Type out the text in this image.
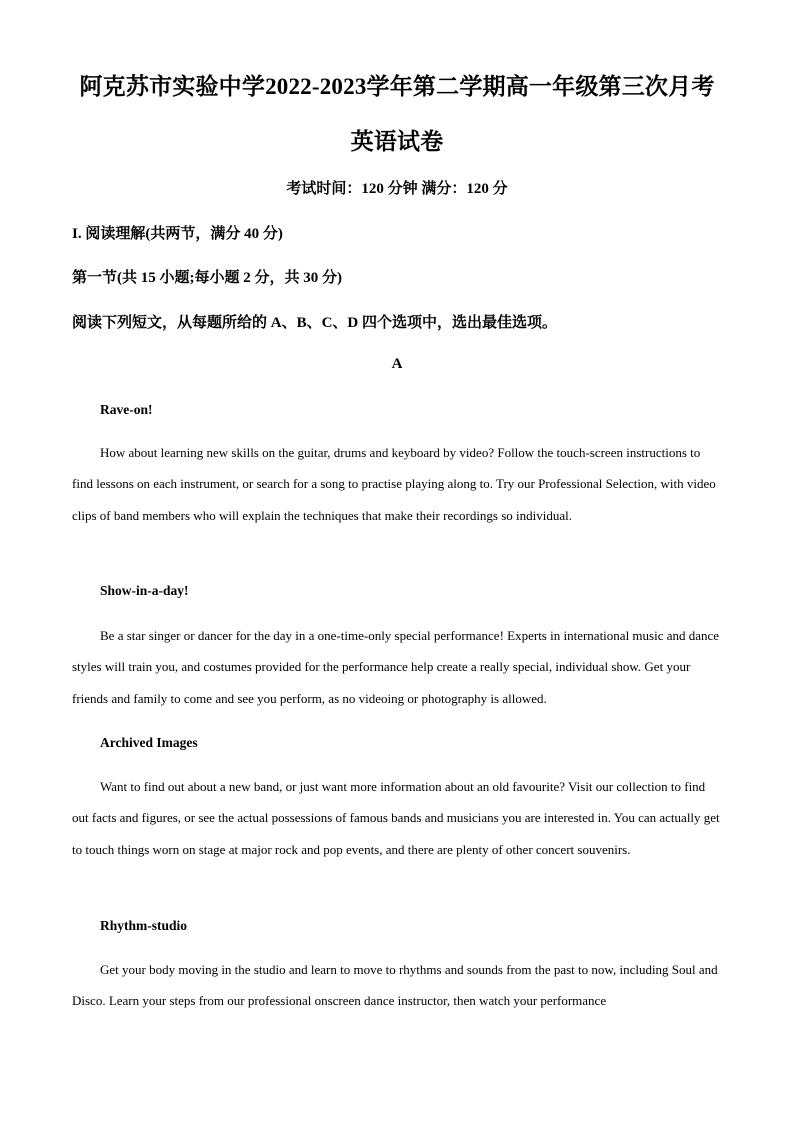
阿克苏市实验中学2022-2023学年第二学期高一年级第三次月考
英语试卷
考试时间：120 分钟 满分：120 分
I. 阅读理解(共两节，满分 40 分)
第一节(共 15 小题;每小题 2 分，共 30 分)
阅读下列短文，从每题所给的 A、B、C、D 四个选项中，选出最佳选项。
A
Rave-on!
How about learning new skills on the guitar, drums and keyboard by video? Follow the touch-screen instructions to find lessons on each instrument, or search for a song to practise playing along to. Try our Professional Selection, with video clips of band members who will explain the techniques that make their recordings so individual.
Show-in-a-day!
Be a star singer or dancer for the day in a one-time-only special performance! Experts in international music and dance styles will train you, and costumes provided for the performance help create a really special, individual show. Get your friends and family to come and see you perform, as no videoing or photography is allowed.
Archived Images
Want to find out about a new band, or just want more information about an old favourite? Visit our collection to find out facts and figures, or see the actual possessions of famous bands and musicians you are interested in. You can actually get to touch things worn on stage at major rock and pop events, and there are plenty of other concert souvenirs.
Rhythm-studio
Get your body moving in the studio and learn to move to rhythms and sounds from the past to now, including Soul and Disco. Learn your steps from our professional onscreen dance instructor, then watch your performance
